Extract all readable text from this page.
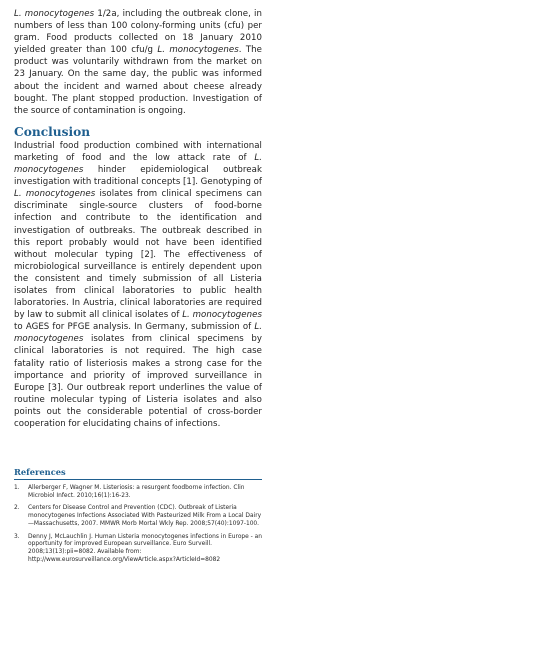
L. monocytogenes 1/2a, including the outbreak clone, in numbers of less than 100 colony-forming units (cfu) per gram. Food products collected on 18 January 2010 yielded greater than 100 cfu/g L. monocytogenes. The product was voluntarily withdrawn from the market on 23 January. On the same day, the public was informed about the incident and warned about cheese already bought. The plant stopped production. Investigation of the source of contamination is ongoing.

Conclusion

Industrial food production combined with international marketing of food and the low attack rate of L. monocytogenes hinder epidemiological outbreak investigation with traditional concepts [1]. Genotyping of L. monocytogenes isolates from clinical specimens can discriminate single-source clusters of food-borne infection and contribute to the identification and investigation of outbreaks. The outbreak described in this report probably would not have been identified without molecular typing [2]. The effectiveness of microbiological surveillance is entirely dependent upon the consistent and timely submission of all Listeria isolates from clinical laboratories to public health laboratories. In Austria, clinical laboratories are required by law to submit all clinical isolates of L. monocytogenes to AGES for PFGE analysis. In Germany, submission of L. monocytogenes isolates from clinical specimens by clinical laboratories is not required. The high case fatality ratio of listeriosis makes a strong case for the importance and priority of improved surveillance in Europe [3]. Our outbreak report underlines the value of routine molecular typing of Listeria isolates and also points out the considerable potential of cross-border cooperation for elucidating chains of infections.

References
1.	Allerberger F, Wagner M. Listeriosis: a resurgent foodborne infection. Clin Microbiol Infect. 2010;16(1):16-23.
2.	Centers for Disease Control and Prevention (CDC). Outbreak of Listeria monocytogenes Infections Associated With Pasteurized Milk From a Local Dairy—Massachusetts, 2007. MMWR Morb Mortal Wkly Rep. 2008;57(40):1097-100.
3.	Denny J, McLauchlin J. Human Listeria monocytogenes infections in Europe - an opportunity for improved European surveillance. Euro Surveill. 2008;13(13):pii=8082. Available from: http://www.eurosurveillance.org/ViewArticle.aspx?ArticleId=8082
